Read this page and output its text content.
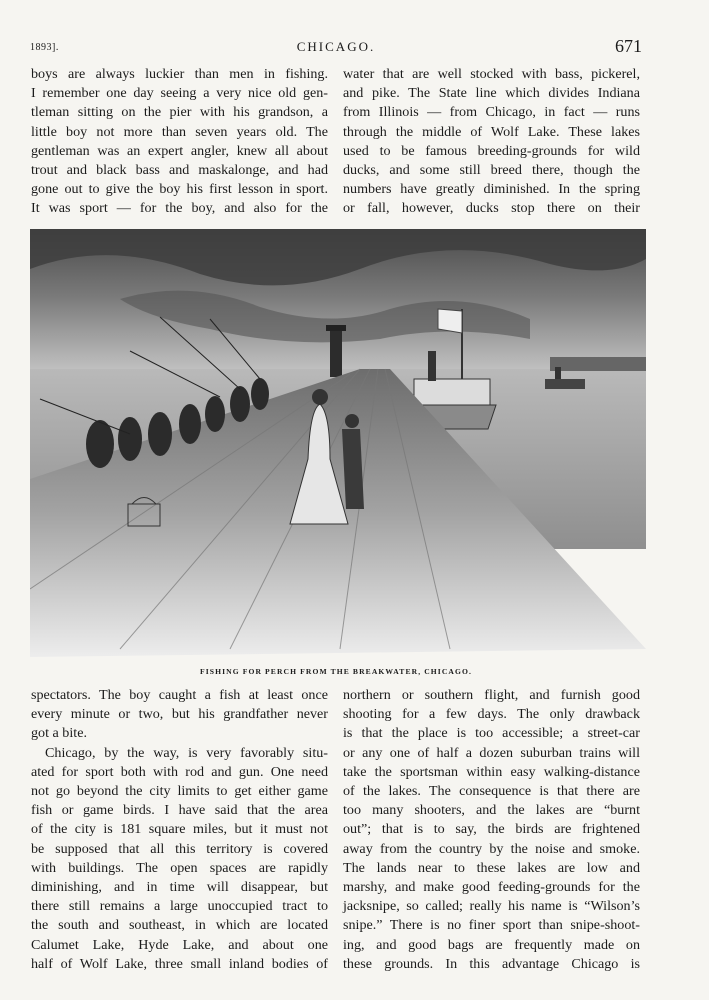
1893].	CHICAGO.	671

boys are always luckier than men in fishing.
I remember one day seeing a very nice old gen-
tleman sitting on the pier with his grandson, a
little boy not more than seven years old. The
gentleman was an expert angler, knew all about
trout and black bass and maskalonge, and had
gone out to give the boy his first lesson in sport.
It was sport — for the boy, and also for the

water that are well stocked with bass, pickerel,
and pike. The State line which divides Indiana
from Illinois — from Chicago, in fact — runs
through the middle of Wolf Lake. These lakes
used to be famous breeding-grounds for wild
ducks, and some still breed there, though the
numbers have greatly diminished. In the spring
or fall, however, ducks stop there on their

FISHING FOR PERCH FROM THE BREAKWATER, CHICAGO.

spectators. The boy caught a fish at least once
every minute or two, but his grandfather never
got a bite.

Chicago, by the way, is very favorably situ-
ated for sport both with rod and gun. One need
not go beyond the city limits to get either game
fish or game birds. I have said that the area
of the city is 181 square miles, but it must not
be supposed that all this territory is covered
with buildings. The open spaces are rapidly
diminishing, and in time will disappear, but
there still remains a large unoccupied tract to
the south and southeast, in which are located
Calumet Lake, Hyde Lake, and about one
half of Wolf Lake, three small inland bodies of

northern or southern flight, and furnish good
shooting for a few days. The only drawback
is that the place is too accessible; a street-car
or any one of half a dozen suburban trains will
take the sportsman within easy walking-distance
of the lakes. The consequence is that there are
too many shooters, and the lakes are “burnt
out”; that is to say, the birds are frightened
away from the country by the noise and smoke.
The lands near to these lakes are low and
marshy, and make good feeding-grounds for the
jacksnipe, so called; really his name is “Wilson’s
snipe.” There is no finer sport than snipe-shoot-
ing, and good bags are frequently made on
these grounds. In this advantage Chicago is
